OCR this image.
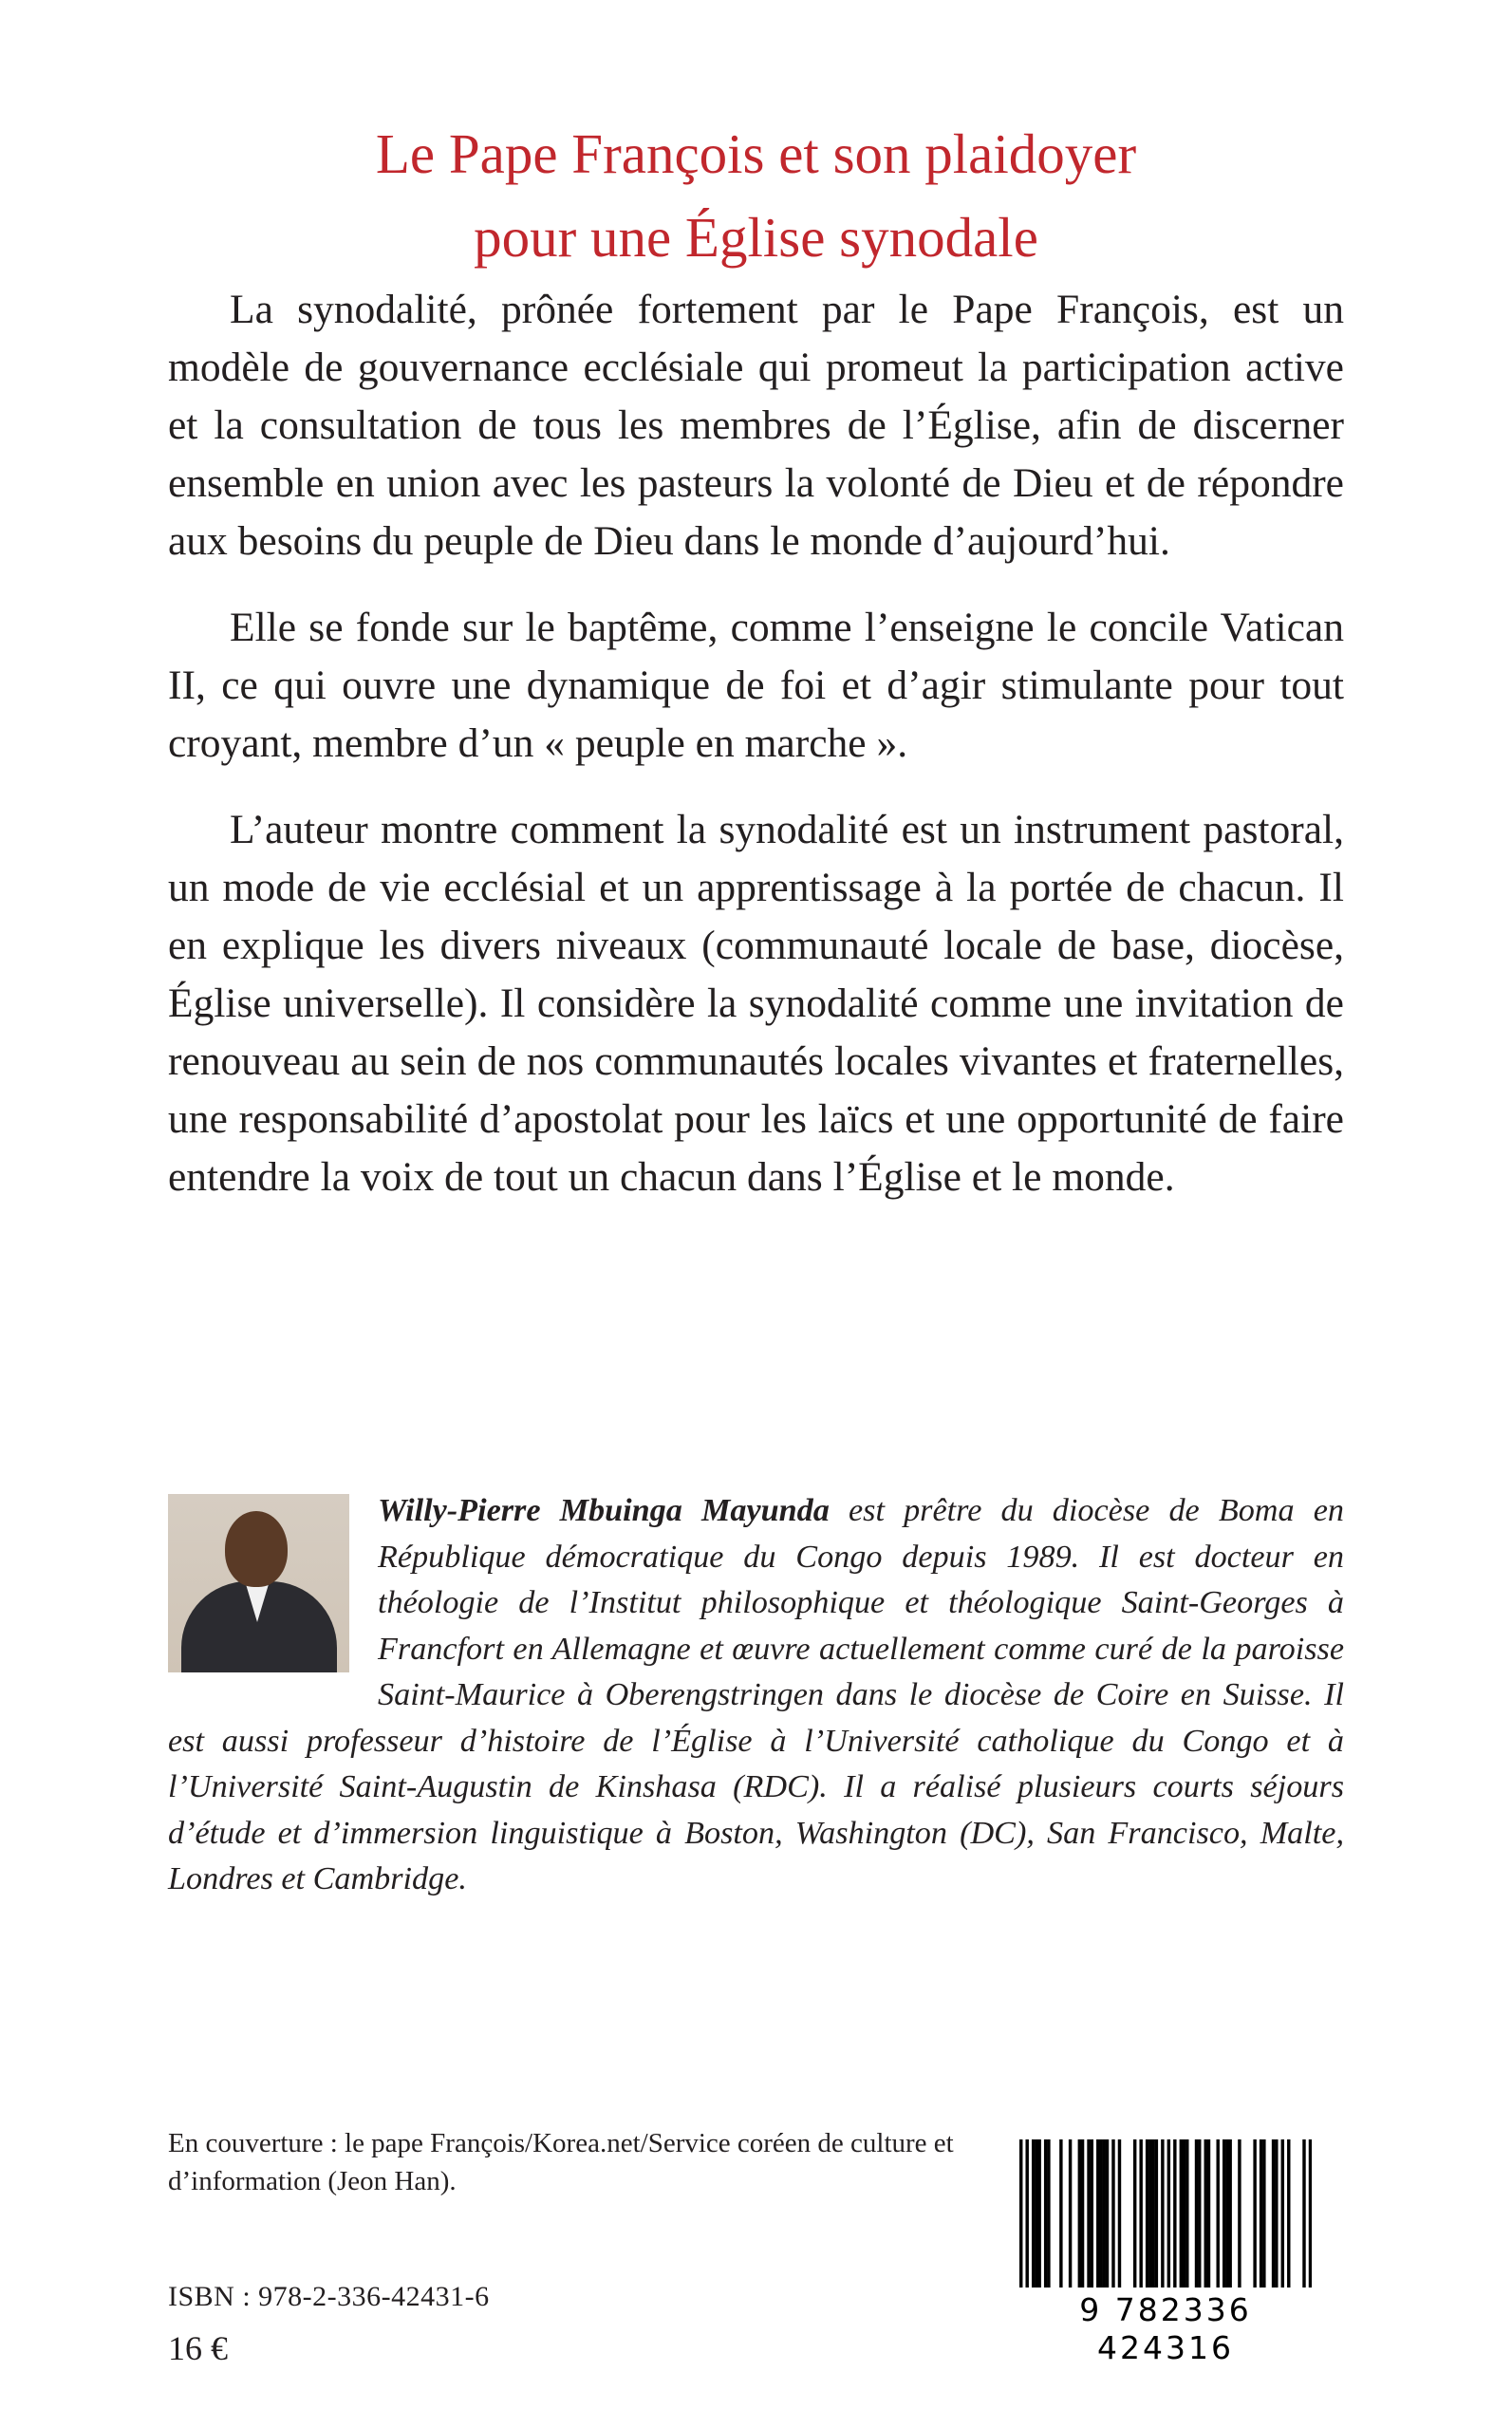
Le Pape François et son plaidoyer
pour une Église synodale

La synodalité, prônée fortement par le Pape François, est un modèle de gouvernance ecclésiale qui promeut la participation active et la consultation de tous les membres de l’Église, afin de discerner ensemble en union avec les pasteurs la volonté de Dieu et de répondre aux besoins du peuple de Dieu dans le monde d’aujourd’hui.

Elle se fonde sur le baptême, comme l’enseigne le concile Vatican II, ce qui ouvre une dynamique de foi et d’agir stimulante pour tout croyant, membre d’un « peuple en marche ».

L’auteur montre comment la synodalité est un instrument pastoral, un mode de vie ecclésial et un apprentissage à la portée de chacun. Il en explique les divers niveaux (communauté locale de base, diocèse, Église universelle). Il considère la synodalité comme une invitation de renouveau au sein de nos communautés locales vivantes et fraternelles, une responsabilité d’apostolat pour les laïcs et une opportunité de faire entendre la voix de tout un chacun dans l’Église et le monde.

Willy-Pierre Mbuinga Mayunda est prêtre du diocèse de Boma en République démocratique du Congo depuis 1989. Il est docteur en théologie de l’Institut philosophique et théologique Saint-Georges à Francfort en Allemagne et œuvre actuellement comme curé de la paroisse Saint-Maurice à Oberengstringen dans le diocèse de Coire en Suisse. Il est aussi professeur d’histoire de l’Église à l’Université catholique du Congo et à l’Université Saint-Augustin de Kinshasa (RDC). Il a réalisé plusieurs courts séjours d’étude et d’immersion linguistique à Boston, Washington (DC), San Francisco, Malte, Londres et Cambridge.
En couverture : le pape François/Korea.net/Service coréen de culture et d’information (Jeon Han).
ISBN : 978-2-336-42431-6
16 €
9 782336 424316
